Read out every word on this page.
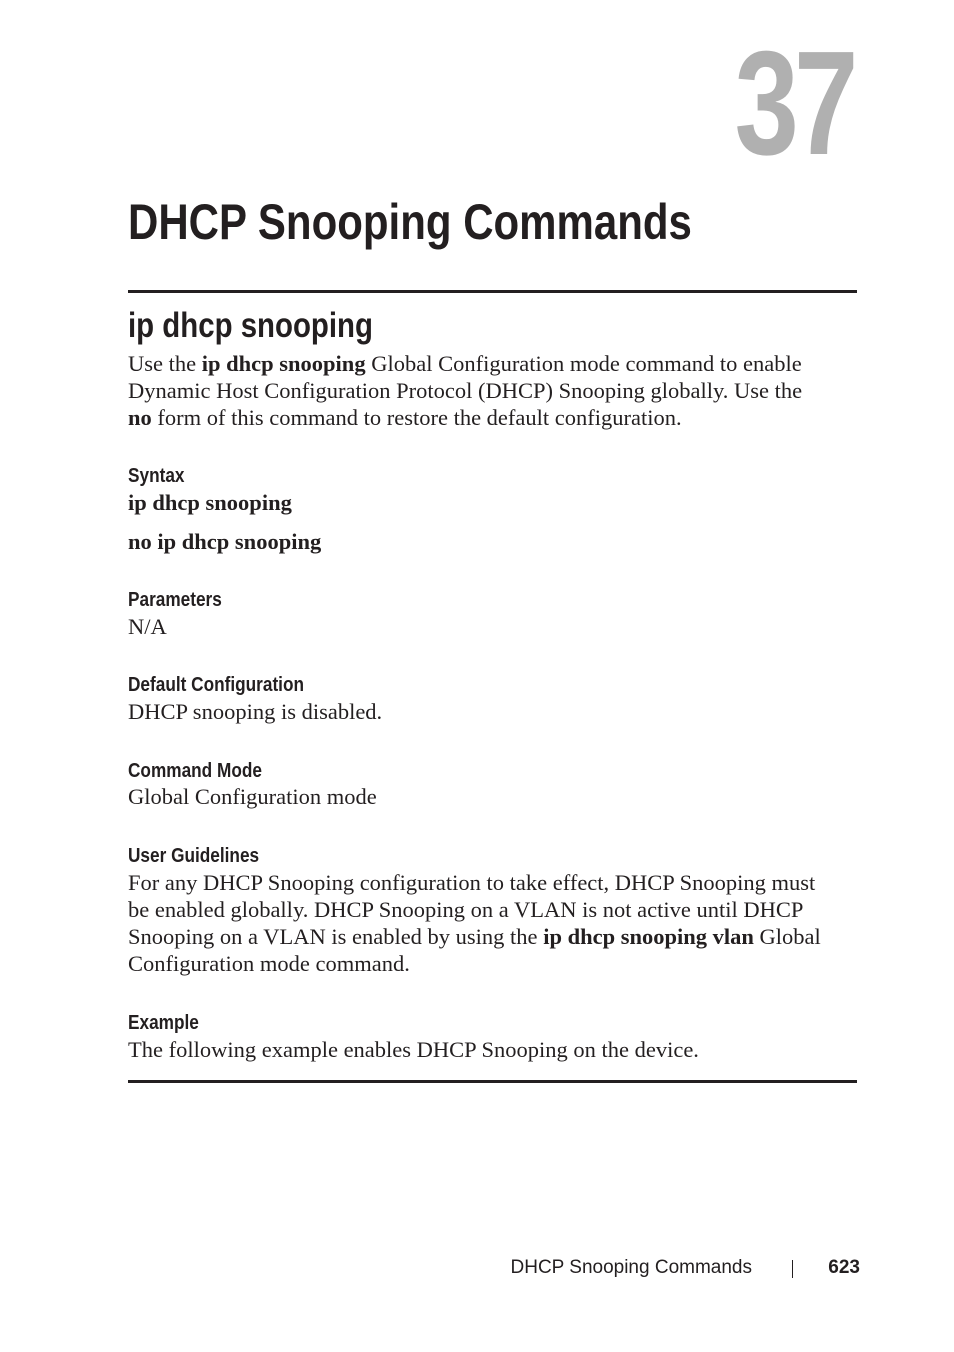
37
DHCP Snooping Commands
ip dhcp snooping
Use the ip dhcp snooping Global Configuration mode command to enable
Dynamic Host Configuration Protocol (DHCP) Snooping globally. Use the
no form of this command to restore the default configuration.
Syntax
ip dhcp snooping
no ip dhcp snooping
Parameters
N/A
Default Configuration
DHCP snooping is disabled.
Command Mode
Global Configuration mode
User Guidelines
For any DHCP Snooping configuration to take effect, DHCP Snooping must
be enabled globally. DHCP Snooping on a VLAN is not active until DHCP
Snooping on a VLAN is enabled by using the ip dhcp snooping vlan Global
Configuration mode command.
Example
The following example enables DHCP Snooping on the device.
DHCP Snooping Commands	623
